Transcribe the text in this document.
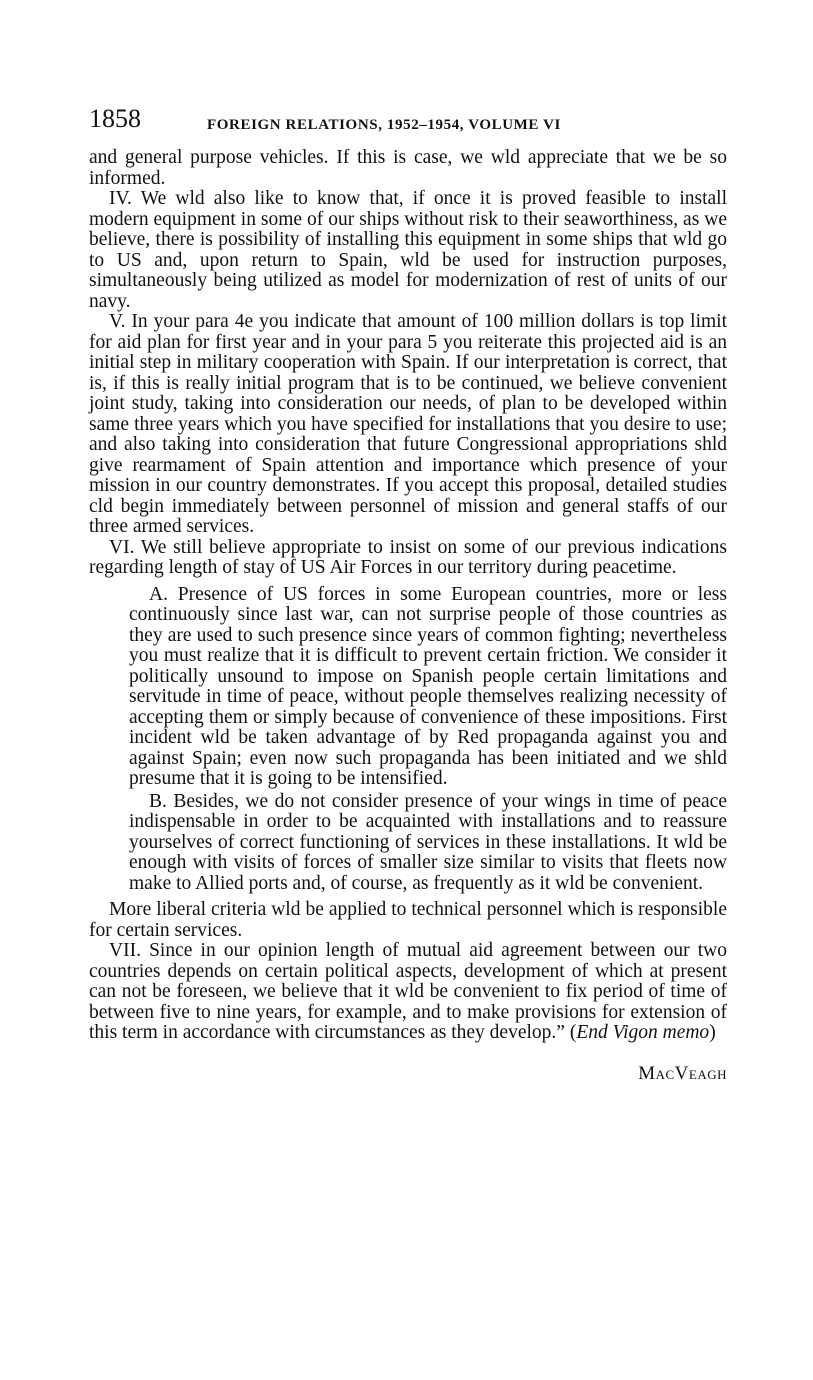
1858	FOREIGN RELATIONS, 1952–1954, VOLUME VI

and general purpose vehicles. If this is case, we wld appreciate that we be so informed.

IV. We wld also like to know that, if once it is proved feasible to install modern equipment in some of our ships without risk to their seaworthiness, as we believe, there is possibility of installing this equipment in some ships that wld go to US and, upon return to Spain, wld be used for instruction purposes, simultaneously being utilized as model for modernization of rest of units of our navy.

V. In your para 4e you indicate that amount of 100 million dollars is top limit for aid plan for first year and in your para 5 you reiterate this projected aid is an initial step in military cooperation with Spain. If our interpretation is correct, that is, if this is really initial program that is to be continued, we believe convenient joint study, taking into consideration our needs, of plan to be developed within same three years which you have specified for installations that you desire to use; and also taking into consideration that future Congressional appropriations shld give rearmament of Spain attention and importance which presence of your mission in our country demonstrates. If you accept this proposal, detailed studies cld begin immediately between personnel of mission and general staffs of our three armed services.

VI. We still believe appropriate to insist on some of our previous indications regarding length of stay of US Air Forces in our territory during peacetime.

A. Presence of US forces in some European countries, more or less continuously since last war, can not surprise people of those countries as they are used to such presence since years of common fighting; nevertheless you must realize that it is difficult to prevent certain friction. We consider it politically unsound to impose on Spanish people certain limitations and servitude in time of peace, without people themselves realizing necessity of accepting them or simply because of convenience of these impositions. First incident wld be taken advantage of by Red propaganda against you and against Spain; even now such propaganda has been initiated and we shld presume that it is going to be intensified.

B. Besides, we do not consider presence of your wings in time of peace indispensable in order to be acquainted with installations and to reassure yourselves of correct functioning of services in these installations. It wld be enough with visits of forces of smaller size similar to visits that fleets now make to Allied ports and, of course, as frequently as it wld be convenient.

More liberal criteria wld be applied to technical personnel which is responsible for certain services.

VII. Since in our opinion length of mutual aid agreement between our two countries depends on certain political aspects, development of which at present can not be foreseen, we believe that it wld be convenient to fix period of time of between five to nine years, for example, and to make provisions for extension of this term in accordance with circumstances as they develop.” (End Vigon memo)

MacVeagh
